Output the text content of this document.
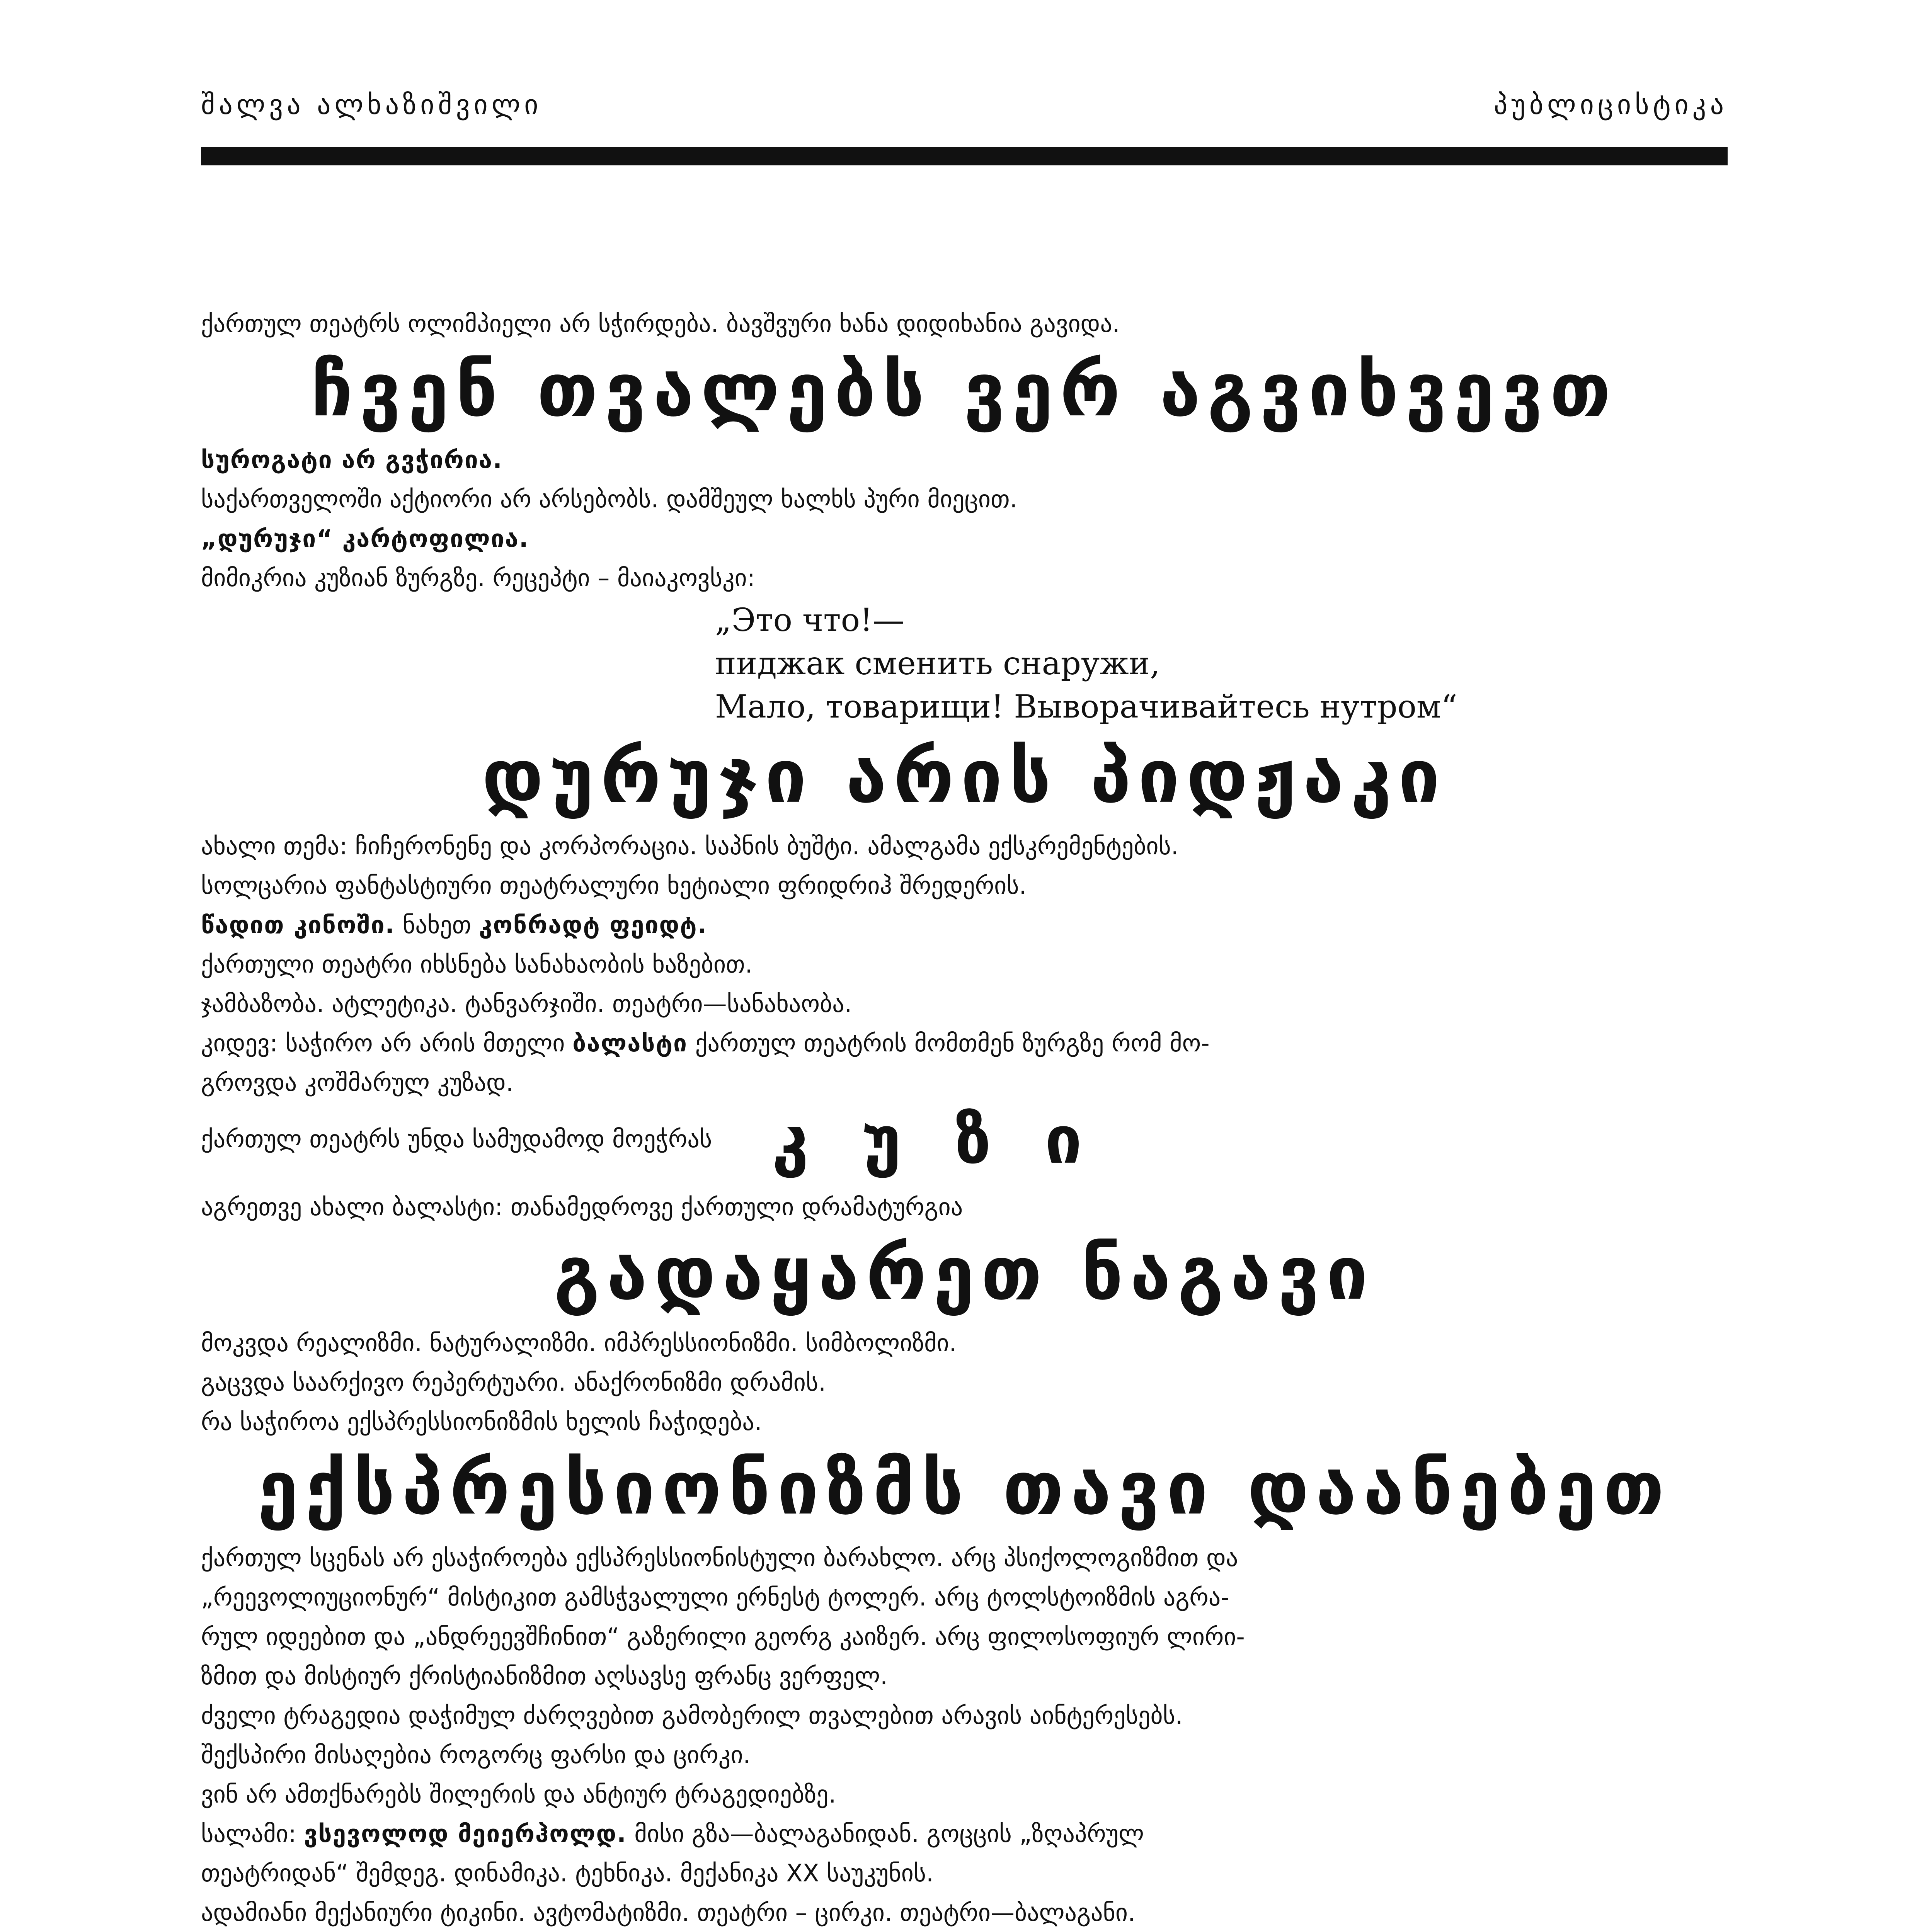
შალვა ალხაზიშვილი	პუბლიცისტიკა
ქართულ თეატრს ოლიმპიელი არ სჭირდება. ბავშვური ხანა დიდიხანია გავიდა.
ჩვენ თვალებს ვერ აგვიხვევთ
სუროგატი არ გვჭირია.
საქართველოში აქტიორი არ არსებობს. დამშეულ ხალხს პური მიეცით.
„დურუჯი“ კარტოფილია.
მიმიკრია კუზიან ზურგზე. რეცეპტი – მაიაკოვსკი:
„Это что!—
пиджак сменить снаружи,
Мало, товарищи! Выворачивайтесь нутром“
დურუჯი არის პიდჟაკი
ახალი თემა: ჩიჩერონენე და კორპორაცია. საპნის ბუშტი. ამალგამა ექსკრემენტების.
სოლცარია ფანტასტიური თეატრალური ხეტიალი ფრიდრიჰ შრედერის.
წადით კინოში. ნახეთ კონრადტ ფეიდტ.
ქართული თეატრი იხსნება სანახაობის ხაზებით.
ჯამბაზობა. ატლეტიკა. ტანვარჯიში. თეატრი—სანახაობა.
კიდევ: საჭირო არ არის მთელი ბალასტი ქართულ თეატრის მომთმენ ზურგზე რომ მო-
გროვდა კოშმარულ კუზად.
ქართულ თეატრს უნდა სამუდამოდ მოეჭრას კ უ ზ ი
აგრეთვე ახალი ბალასტი: თანამედროვე ქართული დრამატურგია
გადაყარეთ ნაგავი
მოკვდა რეალიზმი. ნატურალიზმი. იმპრესსიონიზმი. სიმბოლიზმი.
გაცვდა საარქივო რეპერტუარი. ანაქრონიზმი დრამის.
რა საჭიროა ექსპრესსიონიზმის ხელის ჩაჭიდება.
ექსპრესიონიზმს თავი დაანებეთ
ქართულ სცენას არ ესაჭიროება ექსპრესსიონისტული ბარახლო. არც პსიქოლოგიზმით და
„რეევოლიუციონურ“ მისტიკით გამსჭვალული ერნესტ ტოლერ. არც ტოლსტოიზმის აგრა-
რულ იდეებით და „ანდრეევშჩინით“ გაზერილი გეორგ კაიზერ. არც ფილოსოფიურ ლირი-
ზმით და მისტიურ ქრისტიანიზმით აღსავსე ფრანც ვერფელ.
ძველი ტრაგედია დაჭიმულ ძარღვებით გამობერილ თვალებით არავის აინტერესებს.
შექსპირი მისაღებია როგორც ფარსი და ცირკი.
ვინ არ ამთქნარებს შილერის და ანტიურ ტრაგედიებზე.
სალამი: ვსევოლოდ მეიერჰოლდ. მისი გზა—ბალაგანიდან. გოცცის „ზღაპრულ
თეატრიდან“ შემდეგ. დინამიკა. ტეხნიკა. მექანიკა XX საუკუნის.
ადამიანი მექანიური ტიკინი. ავტომატიზმი. თეატრი – ცირკი. თეატრი—ბალაგანი.
